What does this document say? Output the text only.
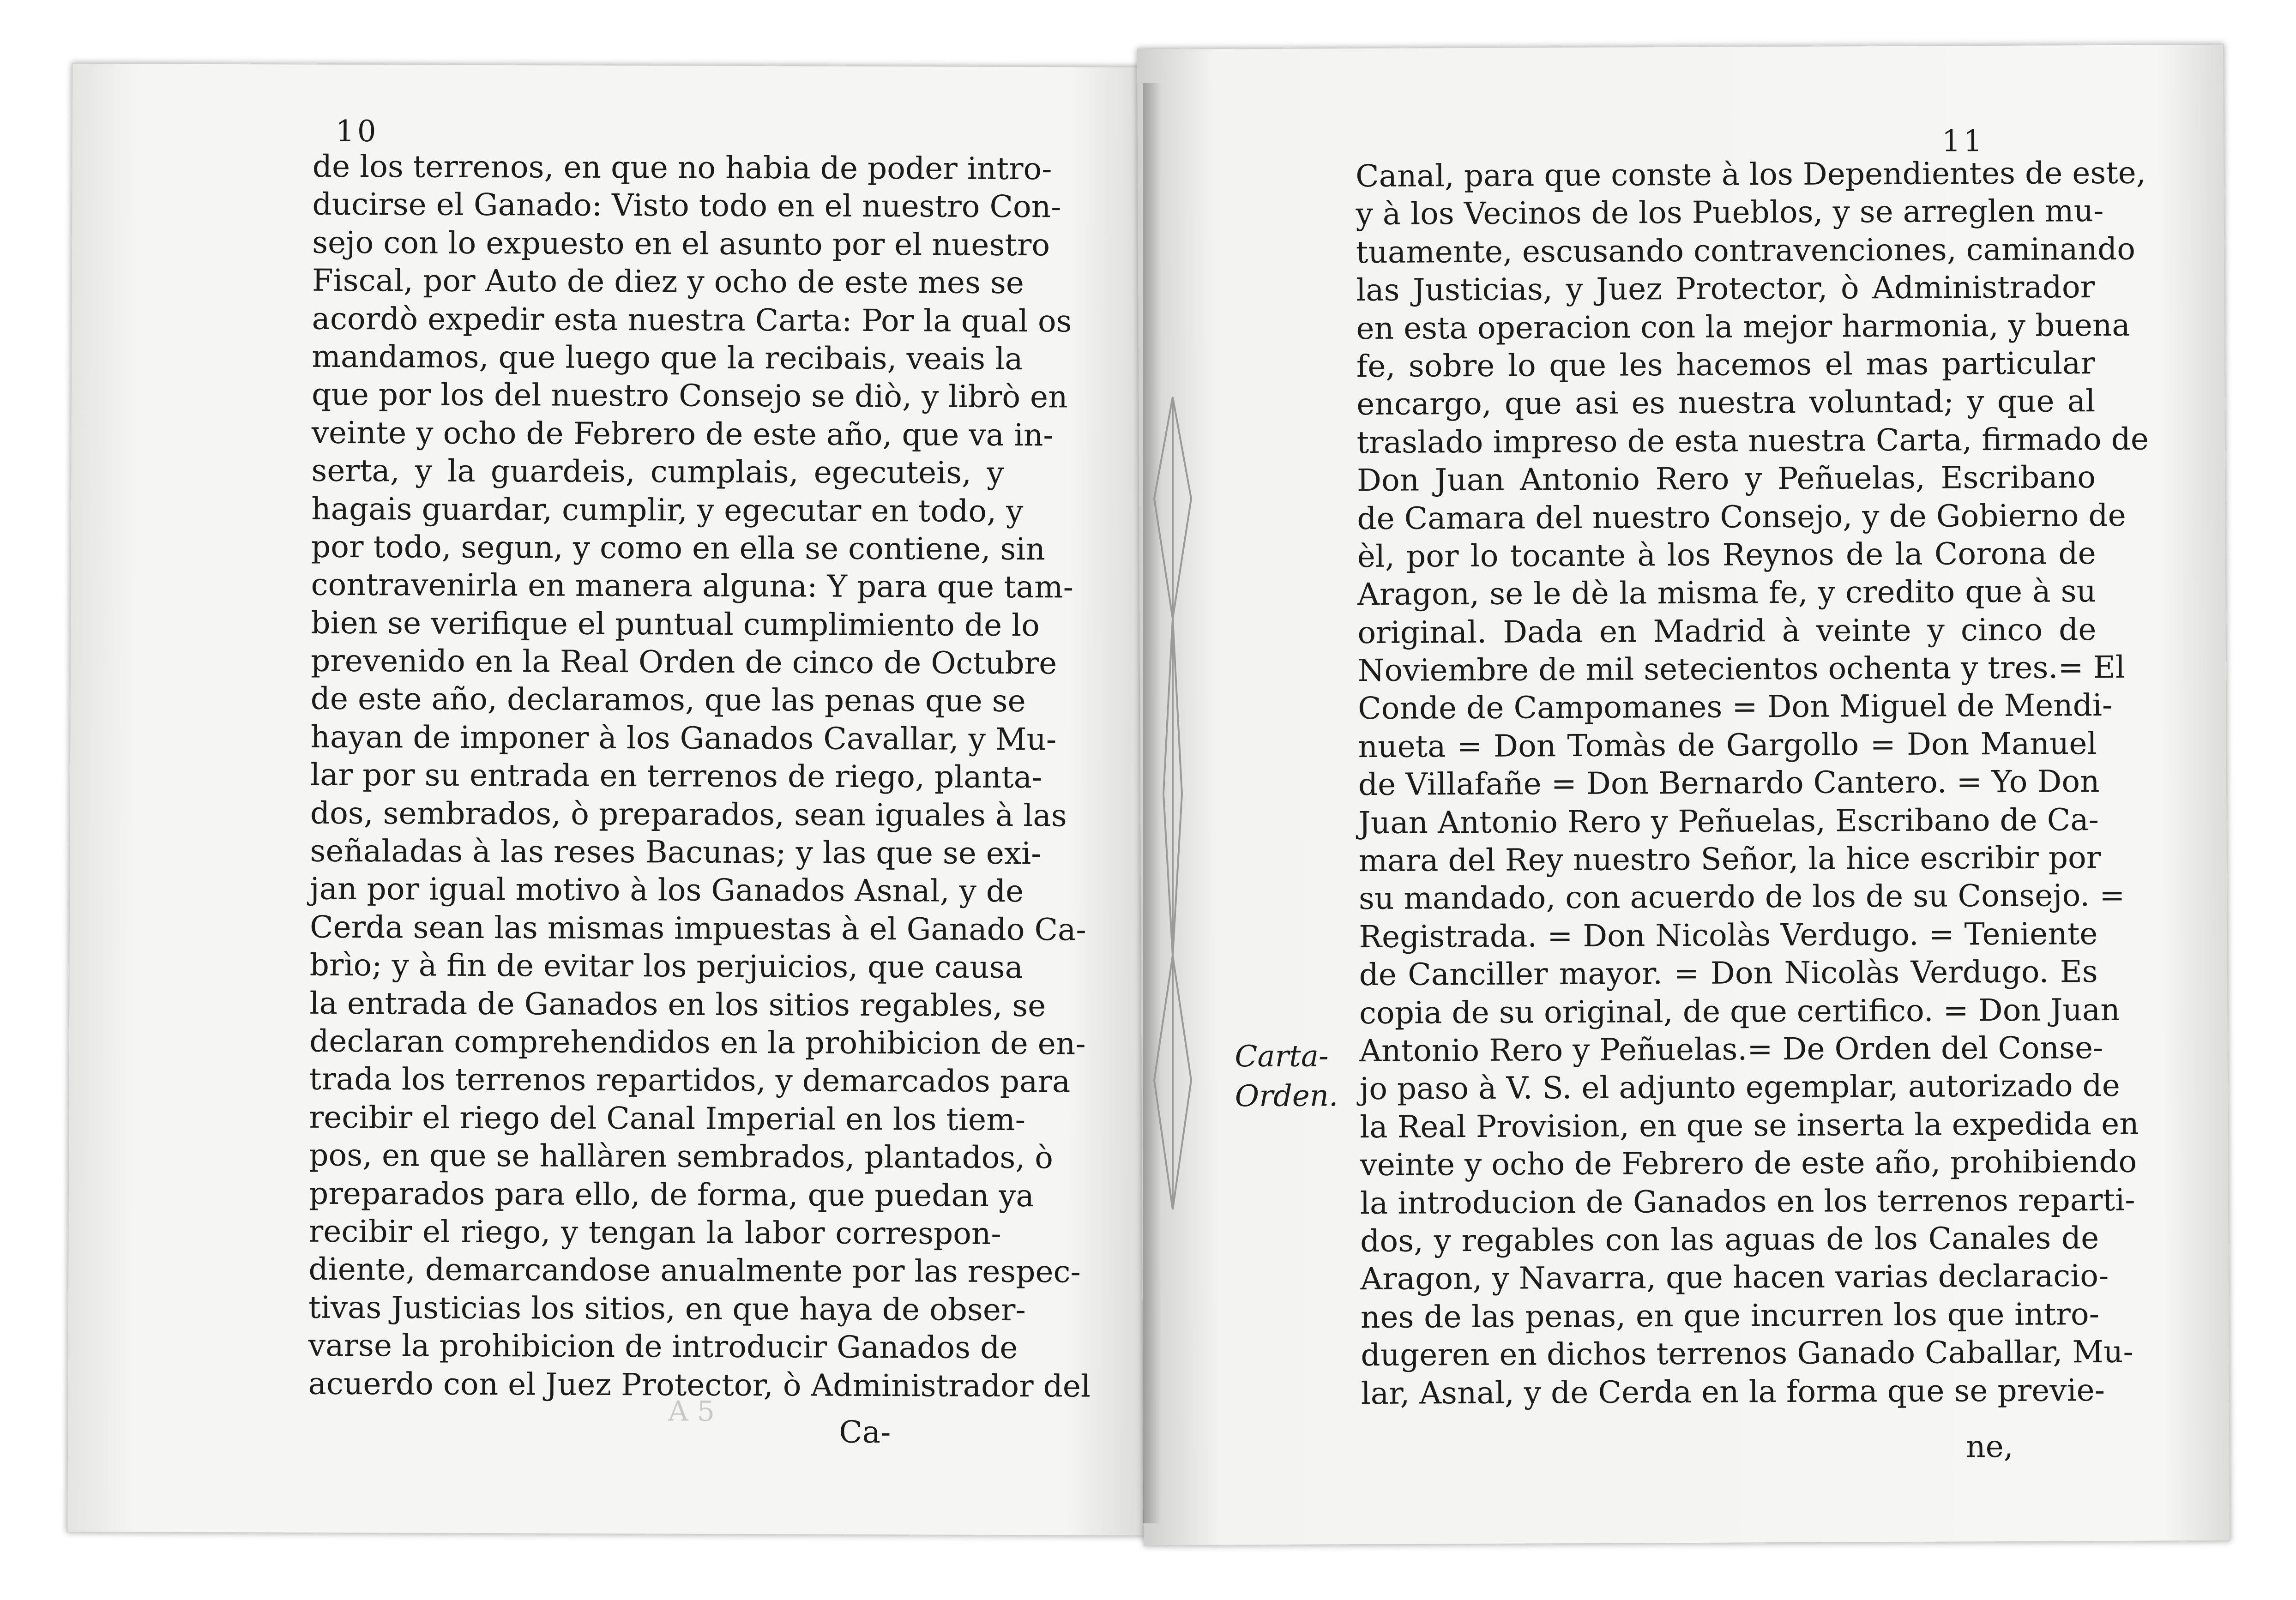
10
de los terrenos, en que no habia de poder intro-
ducirse el Ganado: Visto todo en el nuestro Con-
sejo con lo expuesto en el asunto por el nuestro
Fiscal, por Auto de diez y ocho de este mes se
acordò expedir esta nuestra Carta: Por la qual os
mandamos, que luego que la recibais, veais la
que por los del nuestro Consejo se diò, y librò en
veinte y ocho de Febrero de este año, que va in-
serta, y la guardeis, cumplais, egecuteis, y
hagais guardar, cumplir, y egecutar en todo, y
por todo, segun, y como en ella se contiene, sin
contravenirla en manera alguna: Y para que tam-
bien se verifique el puntual cumplimiento de lo
prevenido en la Real Orden de cinco de Octubre
de este año, declaramos, que las penas que se
hayan de imponer à los Ganados Cavallar, y Mu-
lar por su entrada en terrenos de riego, planta-
dos, sembrados, ò preparados, sean iguales à las
señaladas à las reses Bacunas; y las que se exi-
jan por igual motivo à los Ganados Asnal, y de
Cerda sean las mismas impuestas à el Ganado Ca-
brìo; y à fin de evitar los perjuicios, que causa
la entrada de Ganados en los sitios regables, se
declaran comprehendidos en la prohibicion de en-
trada los terrenos repartidos, y demarcados para
recibir el riego del Canal Imperial en los tiem-
pos, en que se hallàren sembrados, plantados, ò
preparados para ello, de forma, que puedan ya
recibir el riego, y tengan la labor correspon-
diente, demarcandose anualmente por las respec-
tivas Justicias los sitios, en que haya de obser-
varse la prohibicion de introducir Ganados de
acuerdo con el Juez Protector, ò Administrador del
Ca-
A 5
11
Canal, para que conste à los Dependientes de este,
y à los Vecinos de los Pueblos, y se arreglen mu-
tuamente, escusando contravenciones, caminando
las Justicias, y Juez Protector, ò Administrador
en esta operacion con la mejor harmonia, y buena
fe, sobre lo que les hacemos el mas particular
encargo, que asi es nuestra voluntad; y que al
traslado impreso de esta nuestra Carta, firmado de
Don Juan Antonio Rero y Peñuelas, Escribano
de Camara del nuestro Consejo, y de Gobierno de
èl, por lo tocante à los Reynos de la Corona de
Aragon, se le dè la misma fe, y credito que à su
original. Dada en Madrid à veinte y cinco de
Noviembre de mil setecientos ochenta y tres.= El
Conde de Campomanes = Don Miguel de Mendi-
nueta = Don Tomàs de Gargollo = Don Manuel
de Villafañe = Don Bernardo Cantero. = Yo Don
Juan Antonio Rero y Peñuelas, Escribano de Ca-
mara del Rey nuestro Señor, la hice escribir por
su mandado, con acuerdo de los de su Consejo. =
Registrada. = Don Nicolàs Verdugo. = Teniente
de Canciller mayor. = Don Nicolàs Verdugo. Es
copia de su original, de que certifico. = Don Juan
Antonio Rero y Peñuelas.= De Orden del Conse-
jo paso à V. S. el adjunto egemplar, autorizado de
la Real Provision, en que se inserta la expedida en
veinte y ocho de Febrero de este año, prohibiendo
la introducion de Ganados en los terrenos reparti-
dos, y regables con las aguas de los Canales de
Aragon, y Navarra, que hacen varias declaracio-
nes de las penas, en que incurren los que intro-
dugeren en dichos terrenos Ganado Caballar, Mu-
lar, Asnal, y de Cerda en la forma que se previe-
Carta-
Orden.
ne,
